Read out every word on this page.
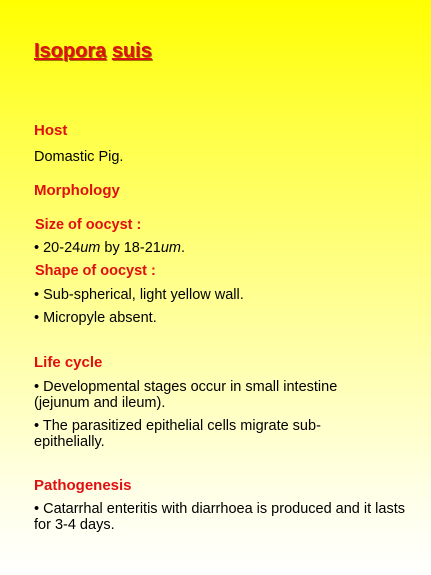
Isopora suis
Host
Domastic Pig.
Morphology
Size of oocyst :
• 20-24um by 18-21um.
Shape of oocyst :
• Sub-spherical, light yellow wall.
• Micropyle absent.
Life cycle
• Developmental stages occur in small intestine (jejunum and ileum).
• The parasitized epithelial cells migrate sub-epithelially.
Pathogenesis
• Catarrhal enteritis with diarrhoea is produced and it lasts for 3-4 days.
